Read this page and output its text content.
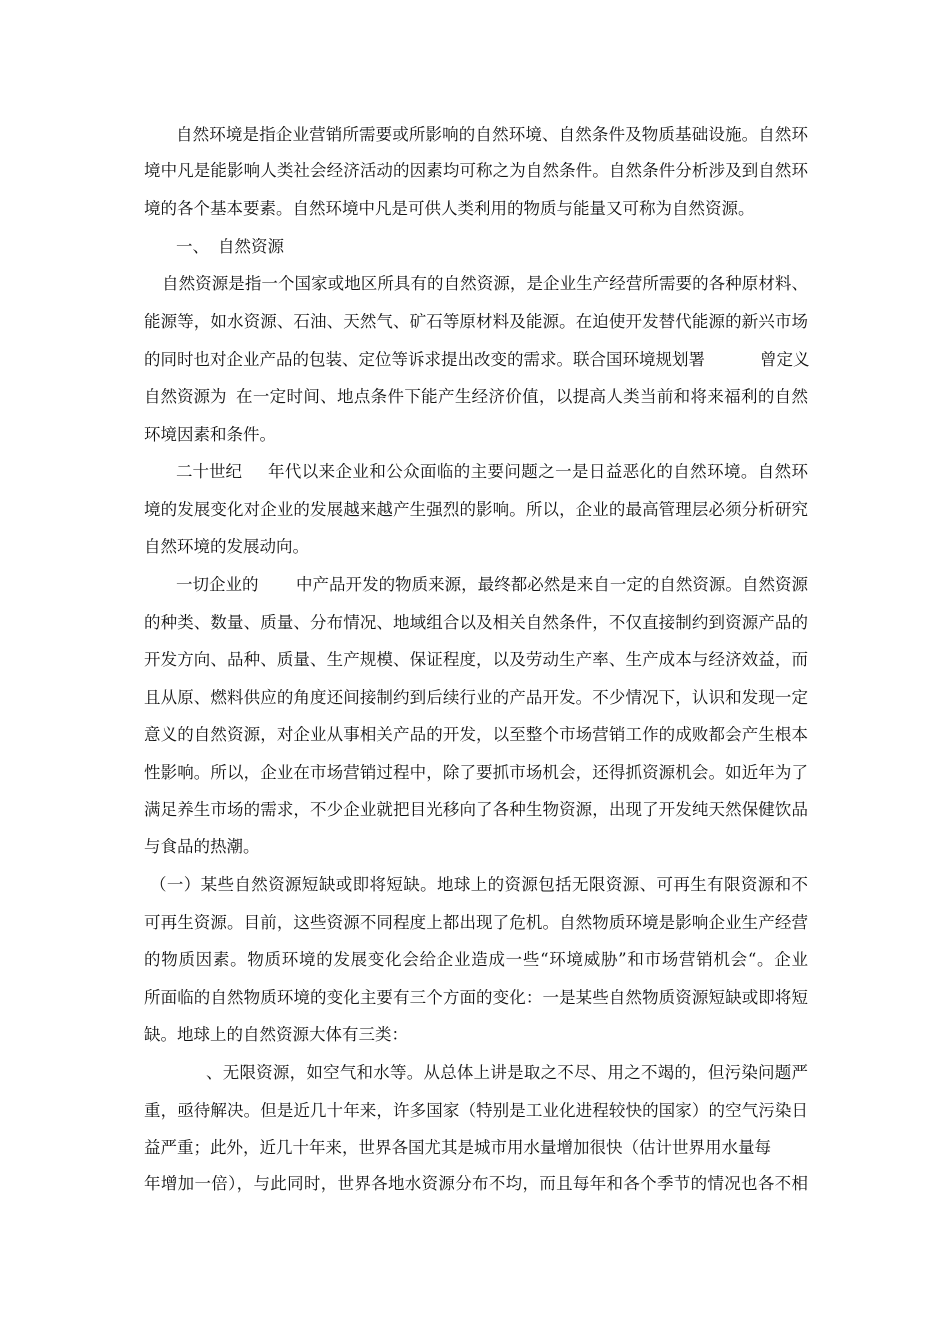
自然环境是指企业营销所需要或所影响的自然环境、自然条件及物质基础设施。自然环
境中凡是能影响人类社会经济活动的因素均可称之为自然条件。自然条件分析涉及到自然环
境的各个基本要素。自然环境中凡是可供人类利用的物质与能量又可称为自然资源。
一、 自然资源
自然资源是指一个国家或地区所具有的自然资源，是企业生产经营所需要的各种原材料、
能源等，如水资源、石油、天然气、矿石等原材料及能源。在迫使开发替代能源的新兴市场
的同时也对企业产品的包装、定位等诉求提出改变的需求。联合国环境规划署	曾定义
自然资源为 在一定时间、地点条件下能产生经济价值，以提高人类当前和将来福利的自然
环境因素和条件。
二十世纪 年代以来企业和公众面临的主要问题之一是日益恶化的自然环境。自然环
境的发展变化对企业的发展越来越产生强烈的影响。所以，企业的最高管理层必须分析研究
自然环境的发展动向。
一切企业的 中产品开发的物质来源，最终都必然是来自一定的自然资源。自然资源
的种类、数量、质量、分布情况、地域组合以及相关自然条件，不仅直接制约到资源产品的
开发方向、品种、质量、生产规模、保证程度，以及劳动生产率、生产成本与经济效益，而
且从原、燃料供应的角度还间接制约到后续行业的产品开发。不少情况下，认识和发现一定
意义的自然资源，对企业从事相关产品的开发，以至整个市场营销工作的成败都会产生根本
性影响。所以，企业在市场营销过程中，除了要抓市场机会，还得抓资源机会。如近年为了
满足养生市场的需求，不少企业就把目光移向了各种生物资源，出现了开发纯天然保健饮品
与食品的热潮。
（一）某些自然资源短缺或即将短缺。地球上的资源包括无限资源、可再生有限资源和不
可再生资源。目前，这些资源不同程度上都出现了危机。自然物质环境是影响企业生产经营
的物质因素。物质环境的发展变化会给企业造成一些“环境威胁”和市场营销机会“。企业
所面临的自然物质环境的变化主要有三个方面的变化：一是某些自然物质资源短缺或即将短
缺。地球上的自然资源大体有三类：
、无限资源，如空气和水等。从总体上讲是取之不尽、用之不竭的，但污染问题严
重，亟待解决。但是近几十年来，许多国家（特别是工业化进程较快的国家）的空气污染日
益严重；此外，近几十年来，世界各国尤其是城市用水量增加很快（估计世界用水量每
年增加一倍），与此同时，世界各地水资源分布不均，而且每年和各个季节的情况也各不相
